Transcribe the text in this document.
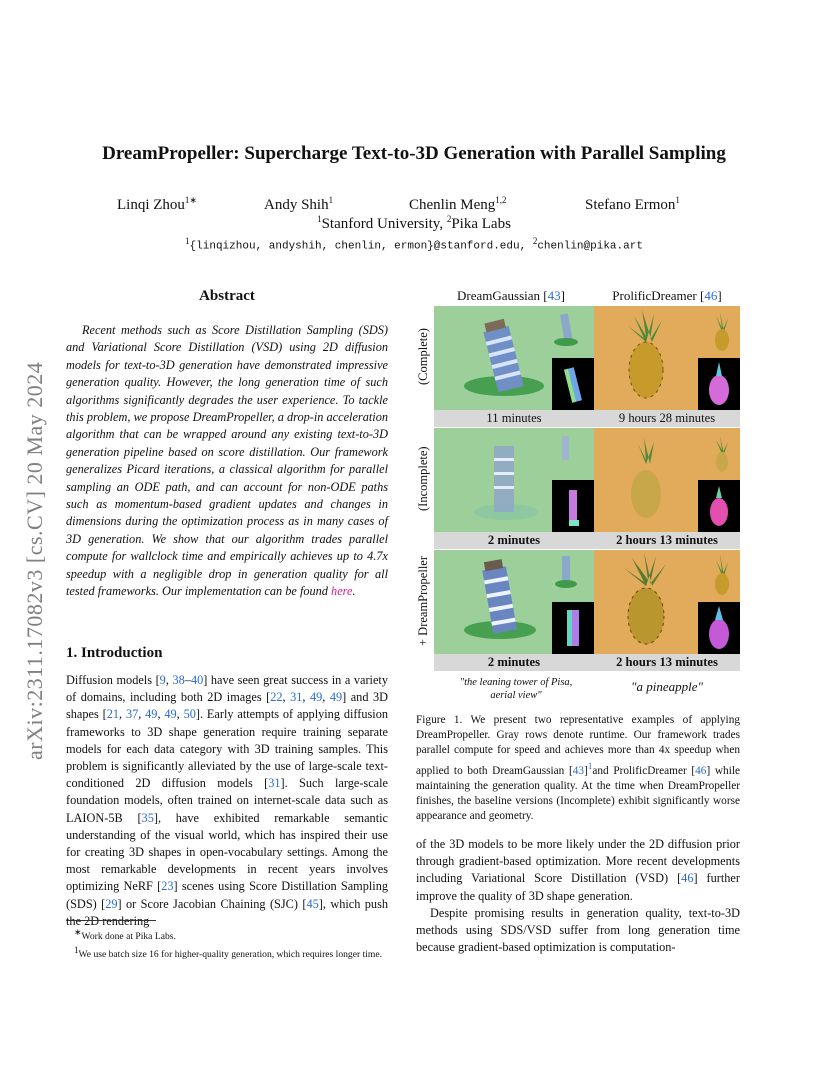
arXiv:2311.17082v3 [cs.CV] 20 May 2024
DreamPropeller: Supercharge Text-to-3D Generation with Parallel Sampling
Linqi Zhou$^{1∗}$	Andy Shih$^1$	Chenlin Meng$^{1,2}$	Stefano Ermon$^1$
$^1$Stanford University, $^2$Pika Labs
$^1${linqizhou, andyshih, chenlin, ermon}@stanford.edu, $^2$chenlin@pika.art
Abstract

Recent methods such as Score Distillation Sampling (SDS) and Variational Score Distillation (VSD) using 2D diffusion models for text-to-3D generation have demonstrated impressive generation quality. However, the long generation time of such algorithms significantly degrades the user experience. To tackle this problem, we propose DreamPropeller, a drop-in acceleration algorithm that can be wrapped around any existing text-to-3D generation pipeline based on score distillation. Our framework generalizes Picard iterations, a classical algorithm for parallel sampling an ODE path, and can account for non-ODE paths such as momentum-based gradient updates and changes in dimensions during the optimization process as in many cases of 3D generation. We show that our algorithm trades parallel compute for wallclock time and empirically achieves up to 4.7x speedup with a negligible drop in generation quality for all tested frameworks. Our implementation can be found here.

1. Introduction

Diffusion models [9, 38–40] have seen great success in a variety of domains, including both 2D images [22, 31, 49, 49] and 3D shapes [21, 37, 49, 49, 50]. Early attempts of applying diffusion frameworks to 3D shape generation require training separate models for each data category with 3D training samples. This problem is significantly alleviated by the use of large-scale text-conditioned 2D diffusion models [31]. Such large-scale foundation models, often trained on internet-scale data such as LAION-5B [35], have exhibited remarkable semantic understanding of the visual world, which has inspired their use for creating 3D shapes in open-vocabulary settings. Among the most remarkable developments in recent years involves optimizing NeRF [23] scenes using Score Distillation Sampling (SDS) [29] or Score Jacobian Chaining (SJC) [45], which push the 2D rendering

∗Work done at Pika Labs.

$^1$We use batch size 16 for higher-quality generation, which requires longer time.

DreamGaussian [43]	ProlificDreamer [46]
(Complete)
(Incomplete)
+ DreamPropeller
11 minutes	9 hours 28 minutes
2 minutes	2 hours 13 minutes
2 minutes	2 hours 13 minutes
"the leaning tower of Pisa, aerial view"
"a pineapple"

Figure 1. We present two representative examples of applying DreamPropeller. Gray rows denote runtime. Our framework trades parallel compute for speed and achieves more than 4x speedup when applied to both DreamGaussian [43]$^1$and ProlificDreamer [46] while maintaining the generation quality. At the time when DreamPropeller finishes, the baseline versions (Incomplete) exhibit significantly worse appearance and geometry.

of the 3D models to be more likely under the 2D diffusion prior through gradient-based optimization. More recent developments including Variational Score Distillation (VSD) [46] further improve the quality of 3D shape generation.

Despite promising results in generation quality, text-to-3D methods using SDS/VSD suffer from long generation time because gradient-based optimization is computation-
